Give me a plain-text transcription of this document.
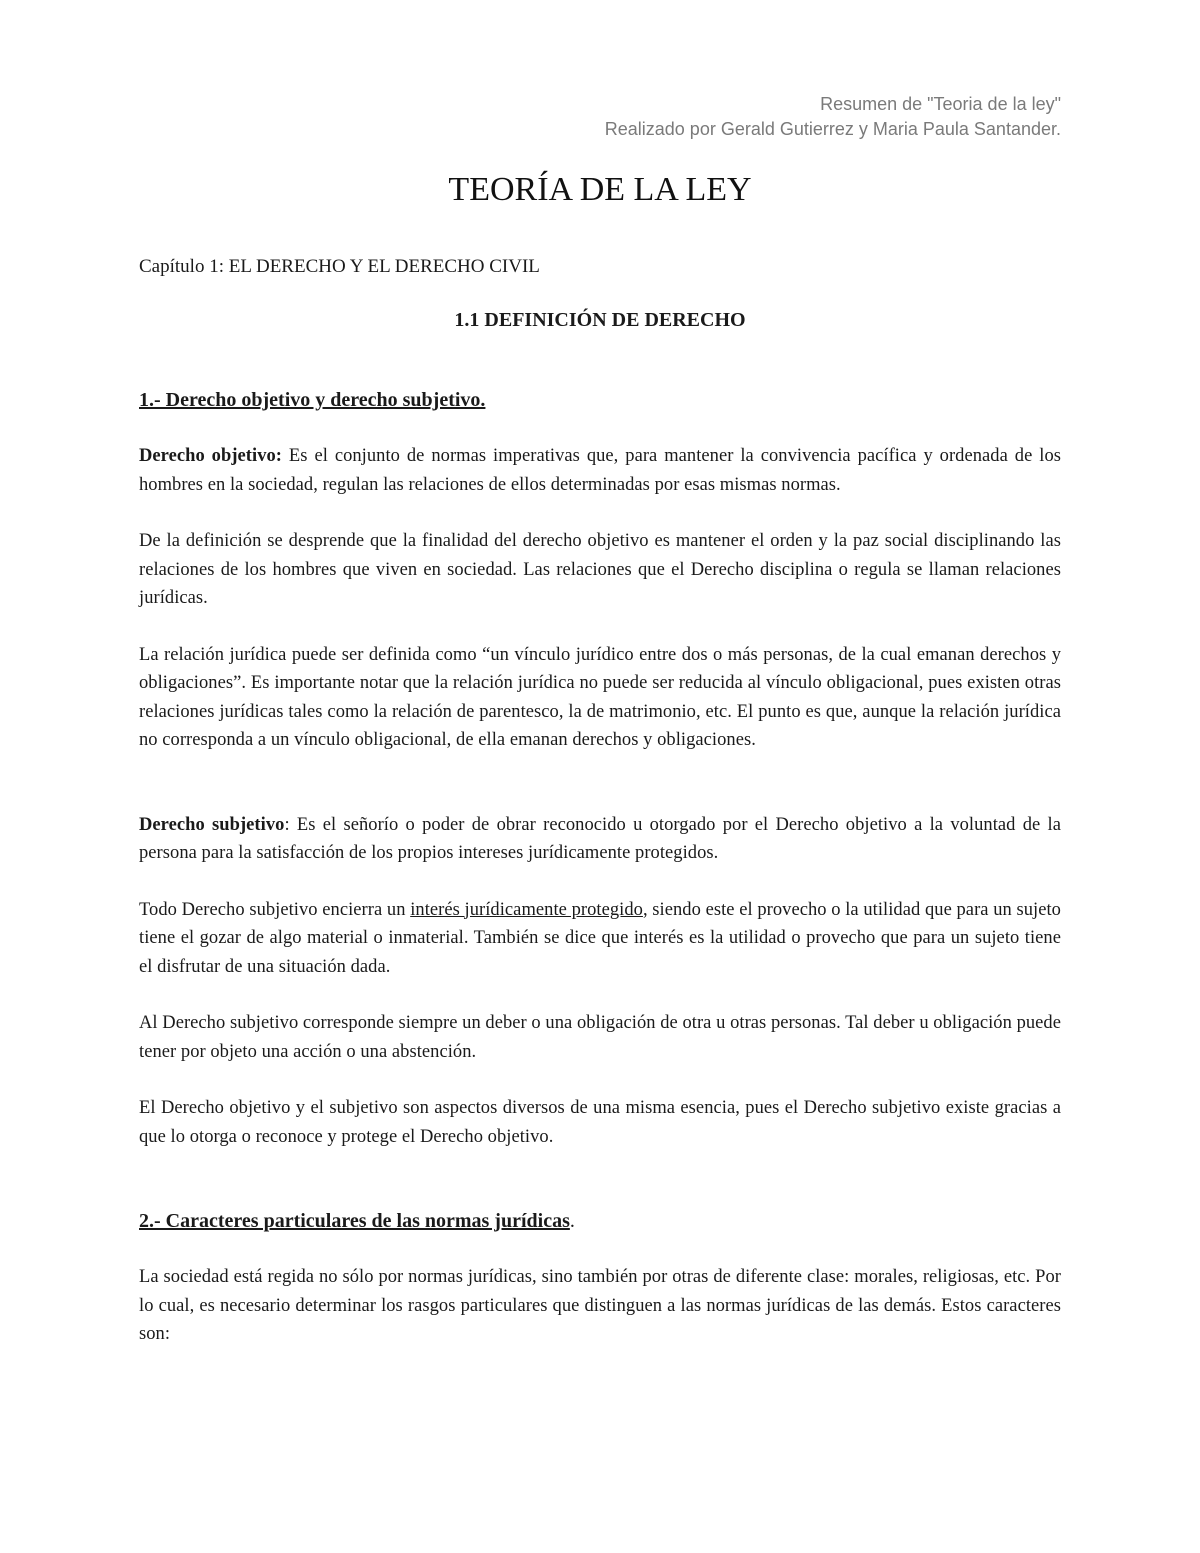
Resumen de "Teoria de la ley"
Realizado por Gerald Gutierrez y Maria Paula Santander.
TEORÍA DE LA LEY
Capítulo 1: EL DERECHO Y EL DERECHO CIVIL
1.1 DEFINICIÓN DE DERECHO
1.- Derecho objetivo y derecho subjetivo.

Derecho objetivo: Es el conjunto de normas imperativas que, para mantener la convivencia pacífica y ordenada de los hombres en la sociedad, regulan las relaciones de ellos determinadas por esas mismas normas.

De la definición se desprende que la finalidad del derecho objetivo es mantener el orden y la paz social disciplinando las relaciones de los hombres que viven en sociedad. Las relaciones que el Derecho disciplina o regula se llaman relaciones jurídicas.

La relación jurídica puede ser definida como “un vínculo jurídico entre dos o más personas, de la cual emanan derechos y obligaciones”. Es importante notar que la relación jurídica no puede ser reducida al vínculo obligacional, pues existen otras relaciones jurídicas tales como la relación de parentesco, la de matrimonio, etc. El punto es que, aunque la relación jurídica no corresponda a un vínculo obligacional, de ella emanan derechos y obligaciones.

Derecho subjetivo: Es el señorío o poder de obrar reconocido u otorgado por el Derecho objetivo a la voluntad de la persona para la satisfacción de los propios intereses jurídicamente protegidos.

Todo Derecho subjetivo encierra un interés jurídicamente protegido, siendo este el provecho o la utilidad que para un sujeto tiene el gozar de algo material o inmaterial. También se dice que interés es la utilidad o provecho que para un sujeto tiene el disfrutar de una situación dada.

Al Derecho subjetivo corresponde siempre un deber o una obligación de otra u otras personas. Tal deber u obligación puede tener por objeto una acción o una abstención.

El Derecho objetivo y el subjetivo son aspectos diversos de una misma esencia, pues el Derecho subjetivo existe gracias a que lo otorga o reconoce y protege el Derecho objetivo.

2.- Caracteres particulares de las normas jurídicas.

La sociedad está regida no sólo por normas jurídicas, sino también por otras de diferente clase: morales, religiosas, etc. Por lo cual, es necesario determinar los rasgos particulares que distinguen a las normas jurídicas de las demás. Estos caracteres son:
